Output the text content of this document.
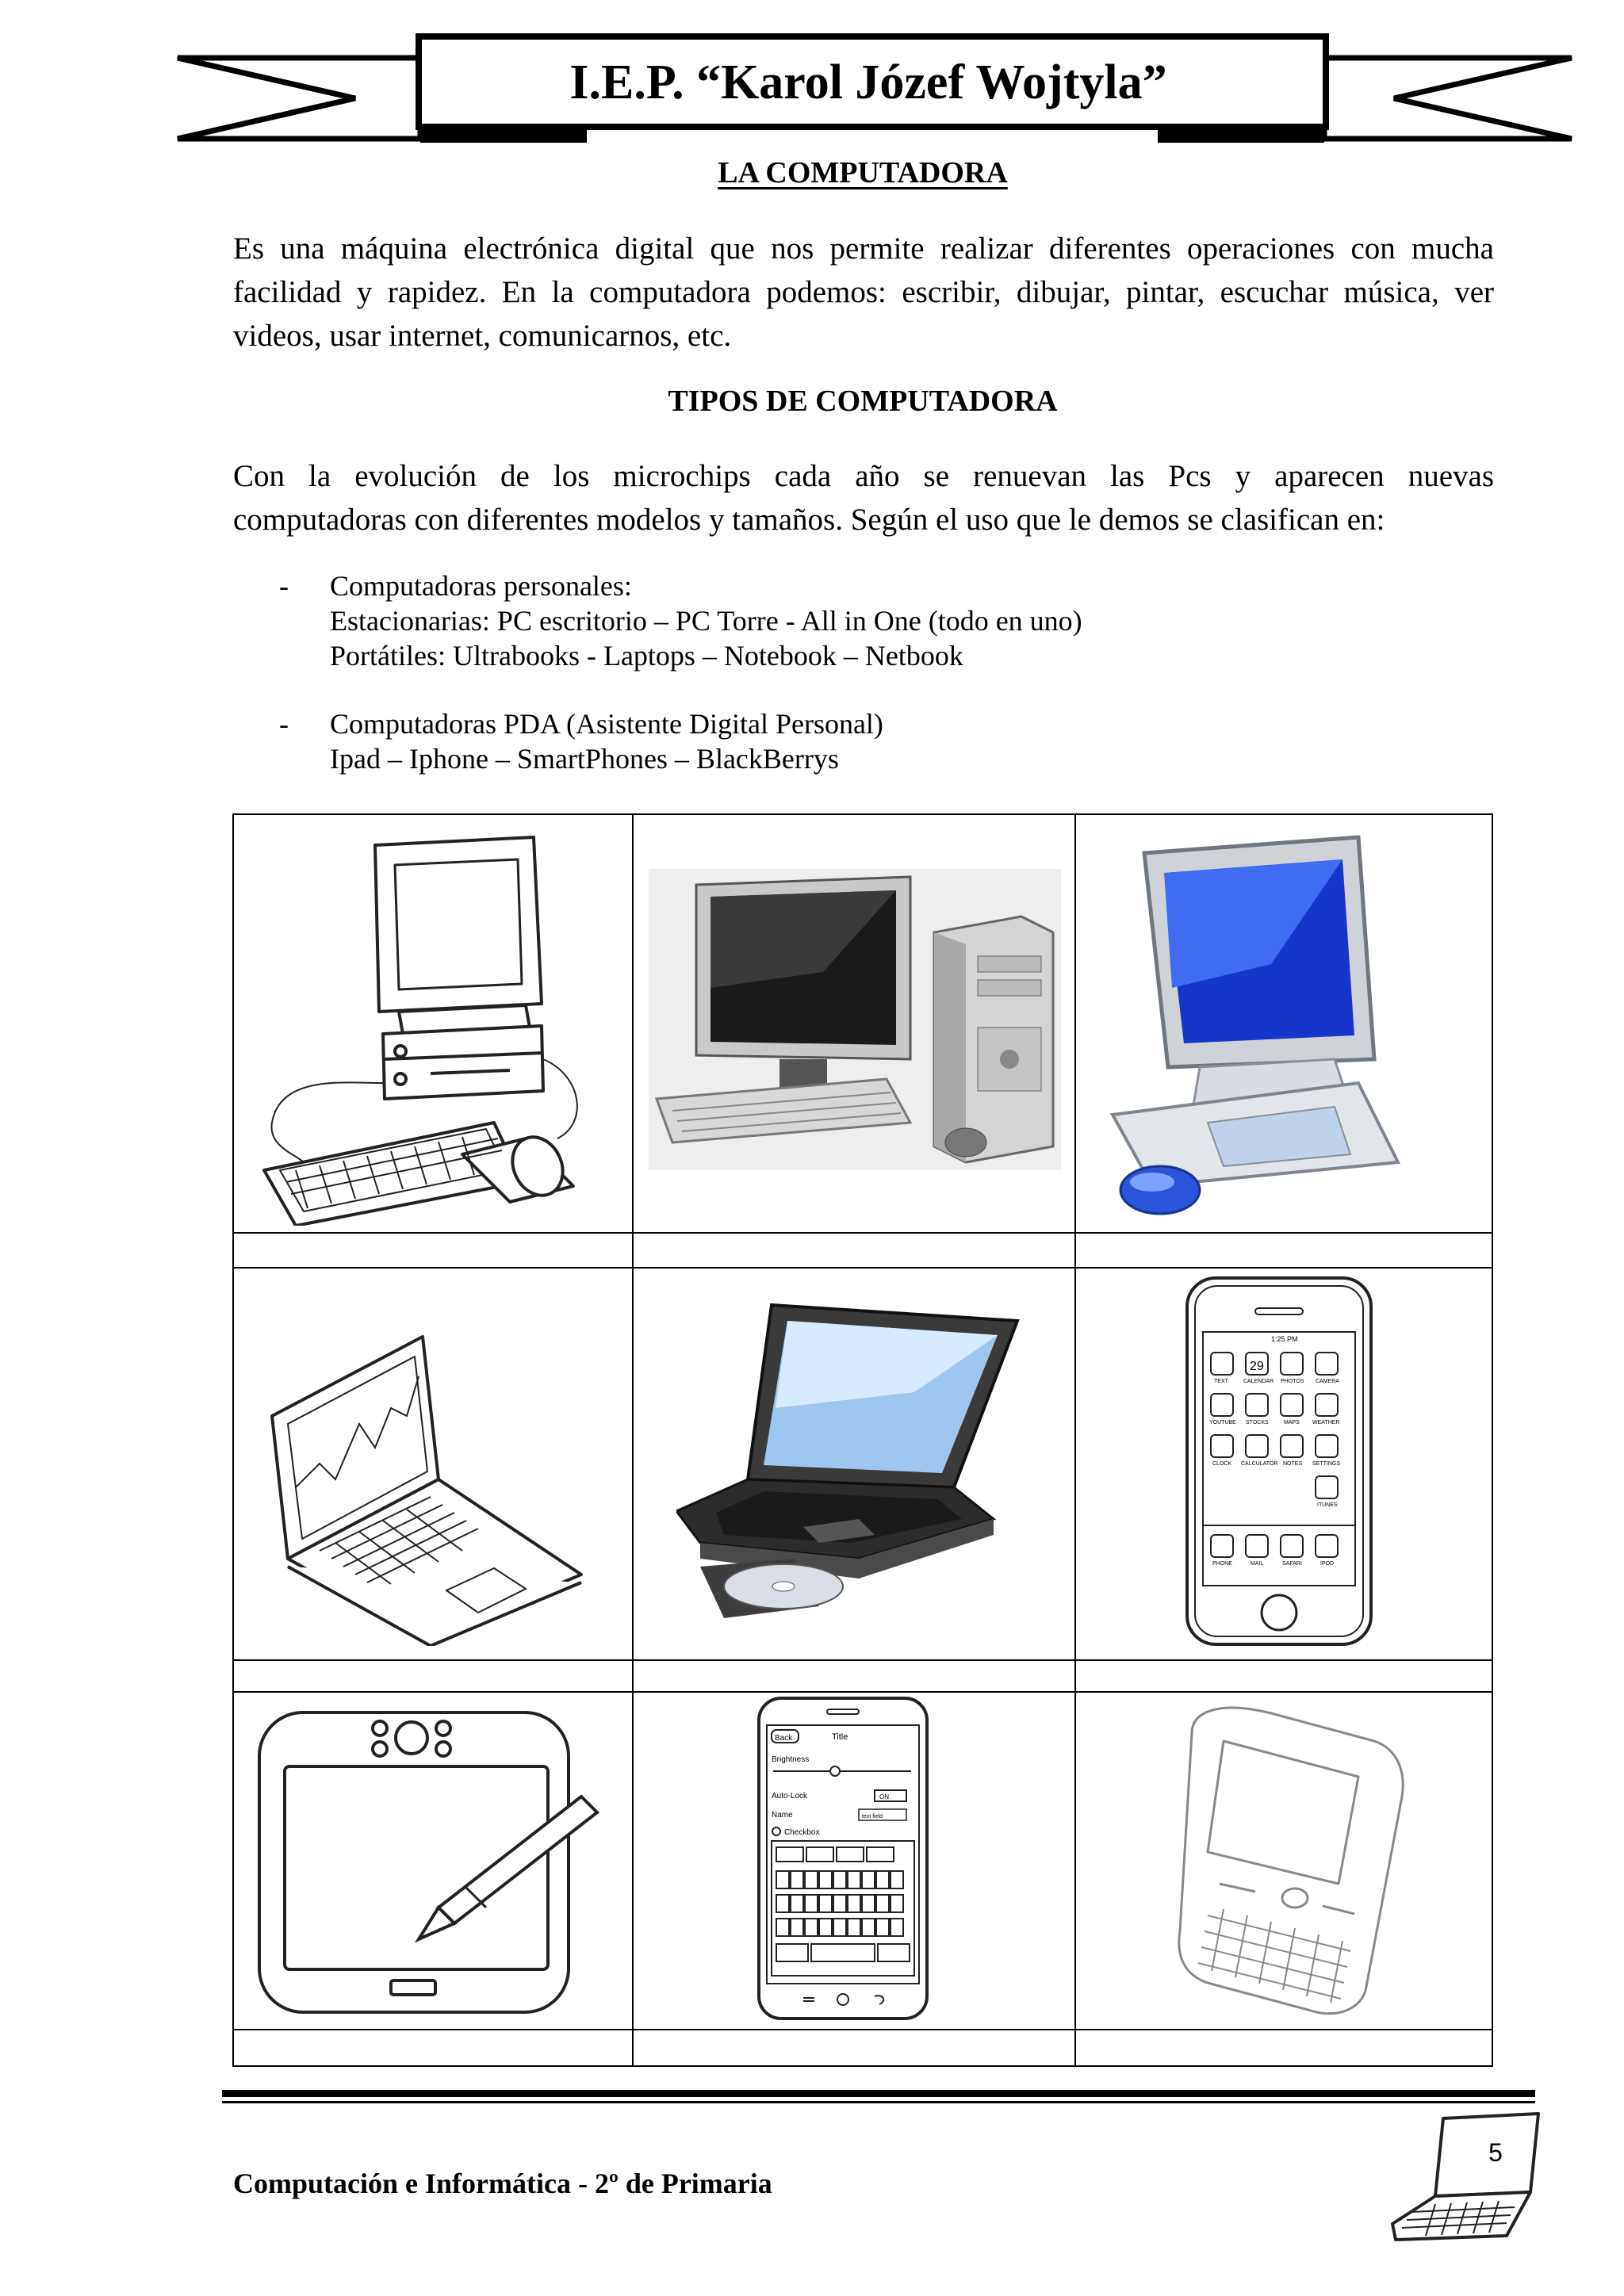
I.E.P. “Karol Józef Wojtyla”
LA COMPUTADORA
Es una máquina electrónica digital que nos permite realizar diferentes operaciones con mucha
facilidad y rapidez. En la computadora podemos: escribir, dibujar, pintar, escuchar música, ver
videos, usar internet, comunicarnos, etc.
TIPOS DE COMPUTADORA
Con la evolución de los microchips cada año se renuevan las Pcs y aparecen nuevas
computadoras con diferentes modelos y tamaños. Según el uso que le demos se clasifican en:
- Computadoras personales:
Estacionarias: PC escritorio – PC Torre - All in One (todo en uno)
Portátiles: Ultrabooks - Laptops – Notebook – Netbook
- Computadoras PDA (Asistente Digital Personal)
Ipad – Iphone – SmartPhones – BlackBerrys
1:25 PM
29
TEXT	CALENDAR PHOTOS CAMERA
YOUTUBE STOCKS	MAPS WEATHER
CLOCK CALCULATOR NOTES SETTINGS
ITUNES
PHONE	MAIL	SAFARI	IPOD
Back	Title
Brightness
Auto-Lock	ON
Name	text field
Checkbox
Computación e Informática - 2º de Primaria
5
